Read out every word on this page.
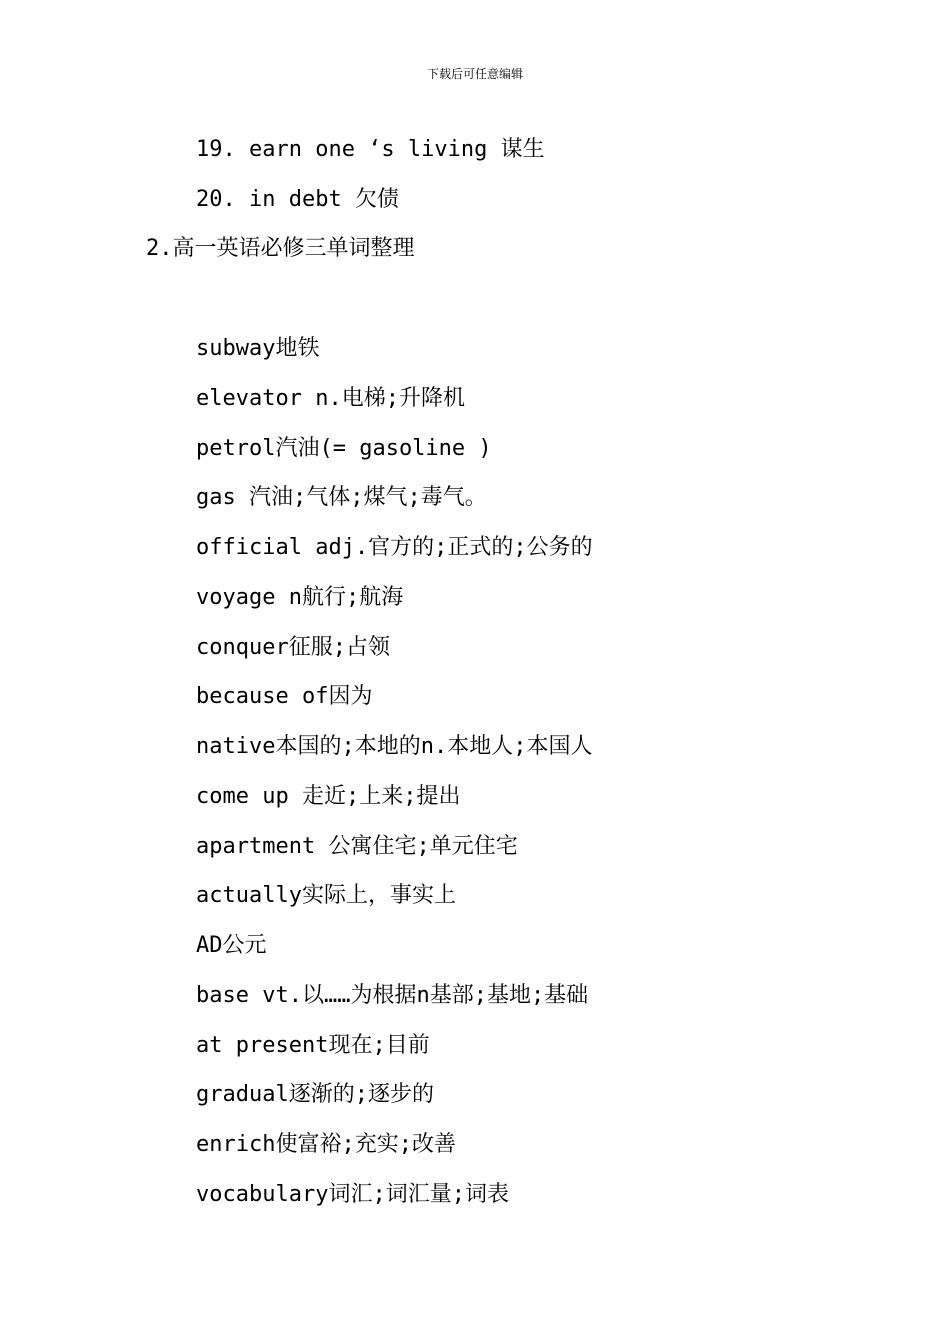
下载后可任意编辑
19. earn one ‘s living 谋生
20. in debt 欠债
2.高一英语必修三单词整理
subway地铁
elevator n.电梯;升降机
petrol汽油(= gasoline )
gas 汽油;气体;煤气;毒气。
official adj.官方的;正式的;公务的
voyage n航行;航海
conquer征服;占领
because of因为
native本国的;本地的n.本地人;本国人
come up 走近;上来;提出
apartment 公寓住宅;单元住宅
actually实际上，事实上
AD公元
base vt.以……为根据n基部;基地;基础
at present现在;目前
gradual逐渐的;逐步的
enrich使富裕;充实;改善
vocabulary词汇;词汇量;词表
